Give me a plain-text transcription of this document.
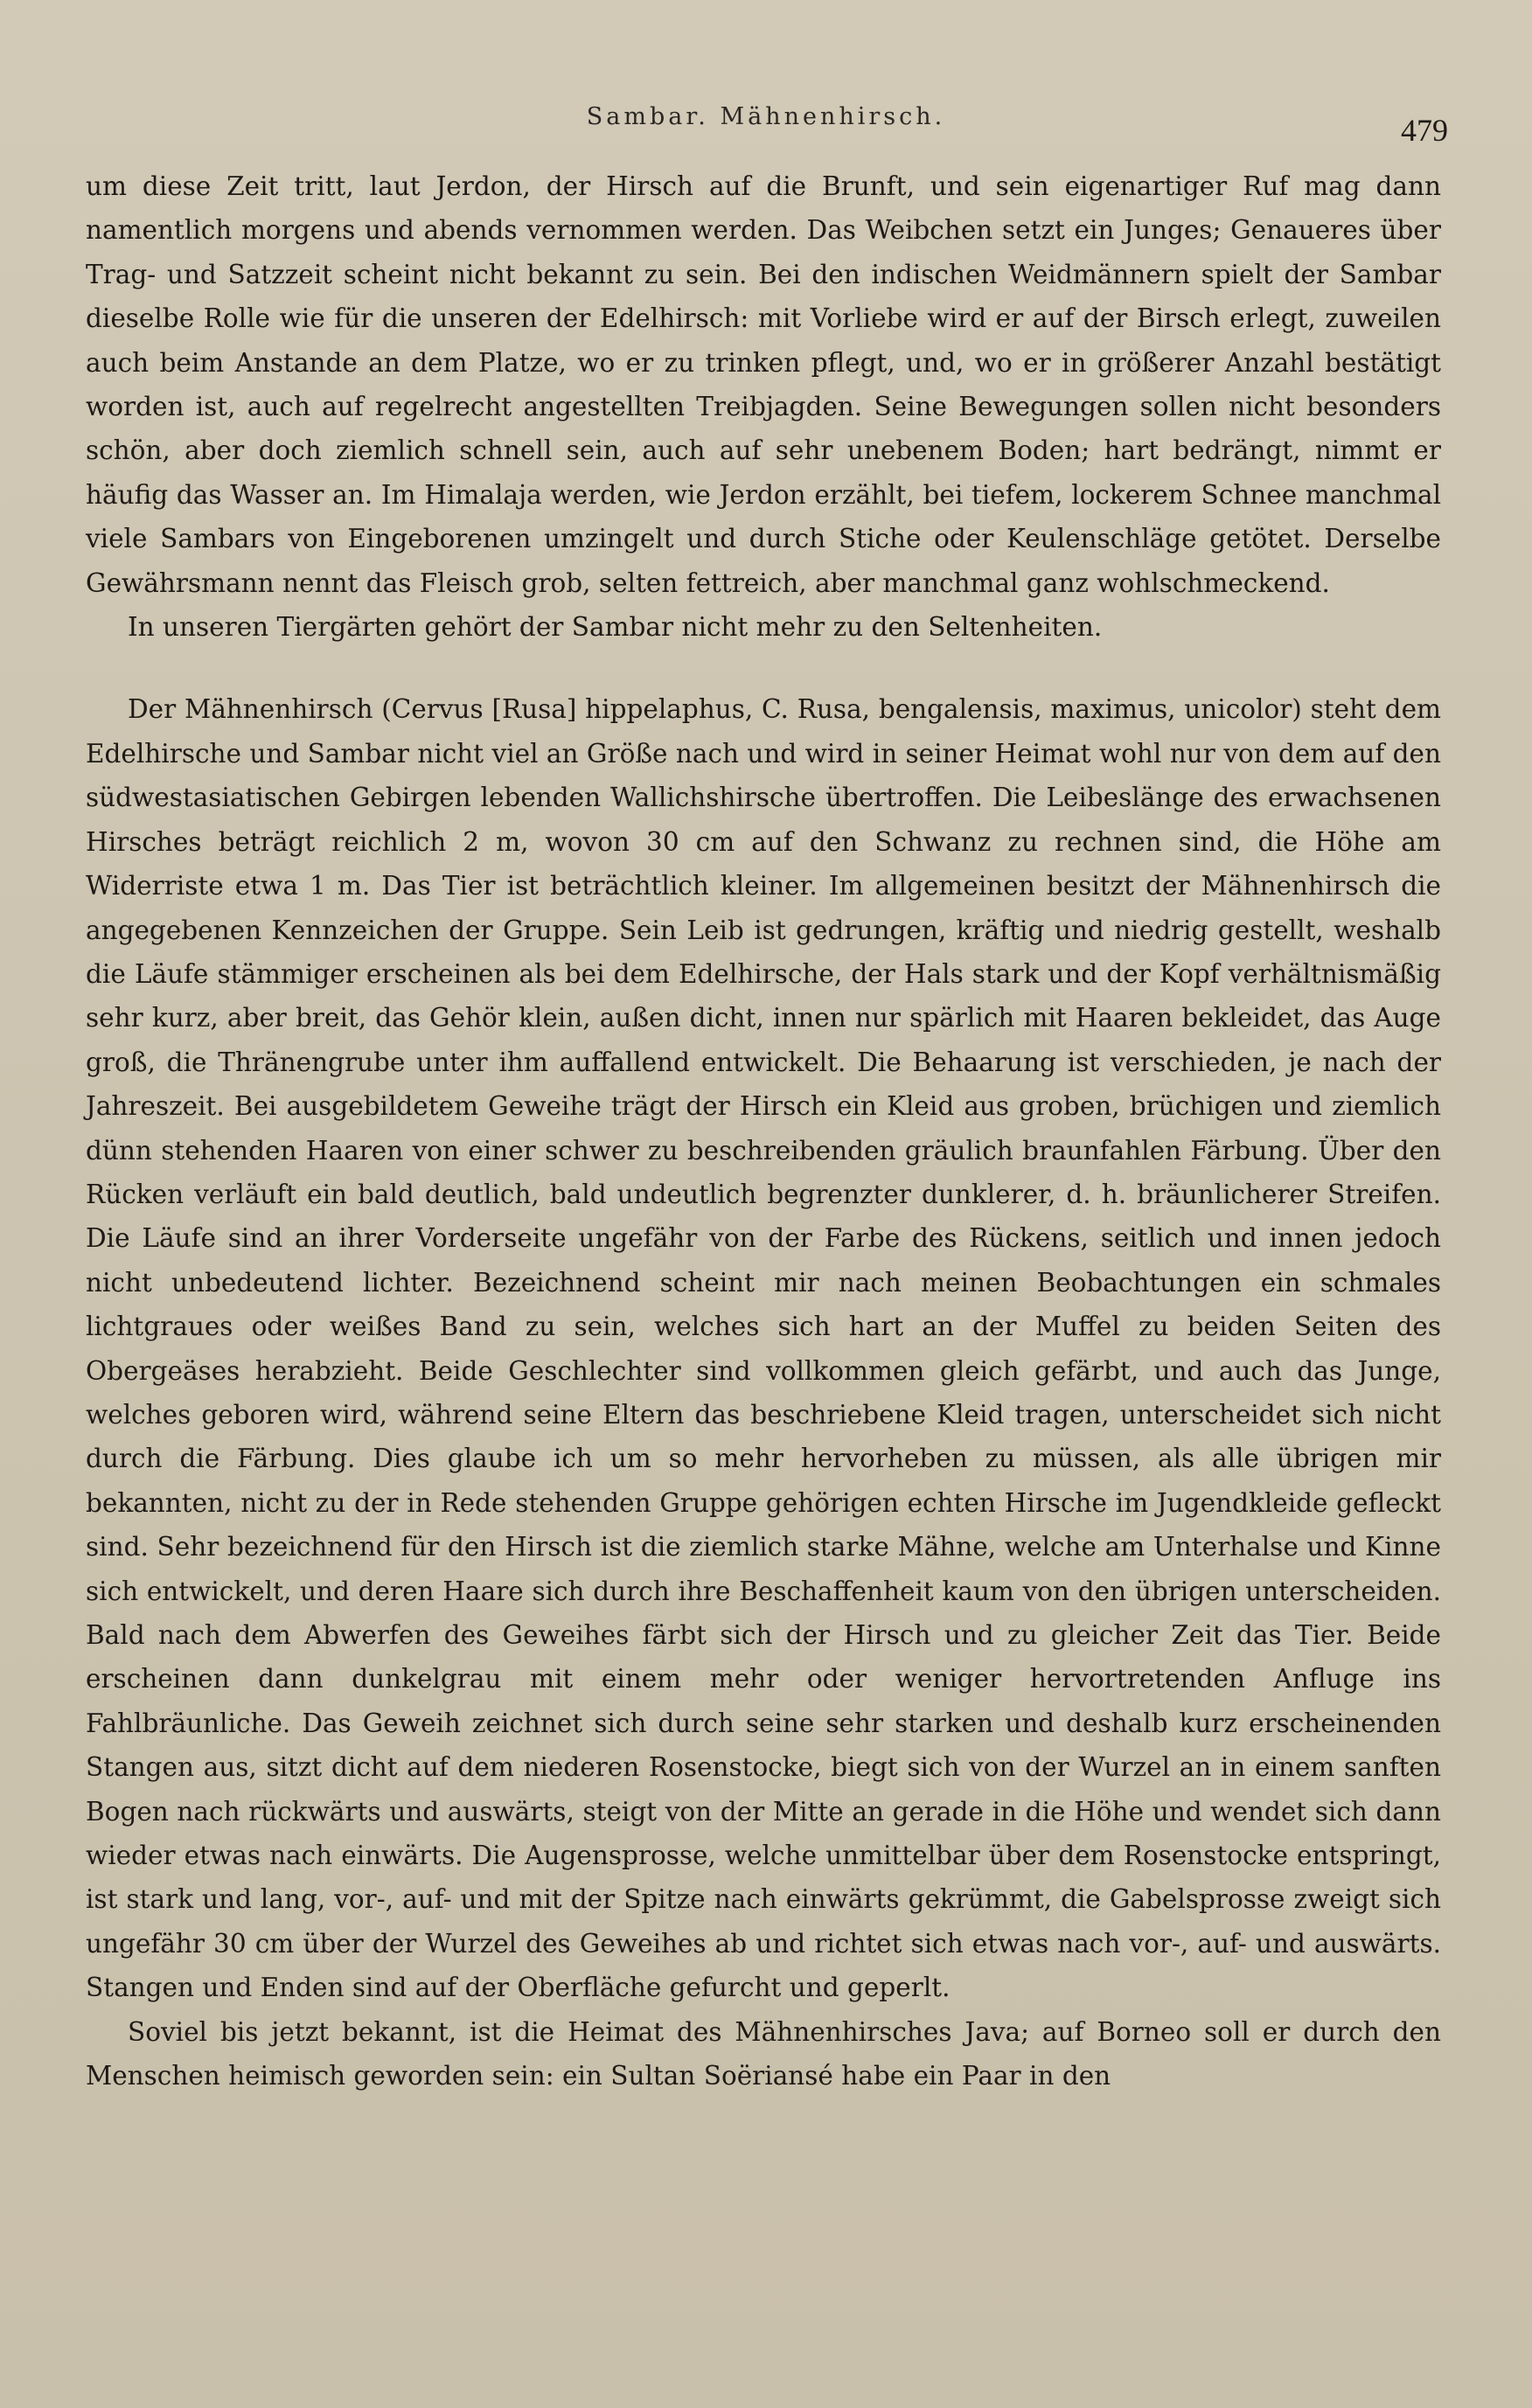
Sambar. Mähnenhirsch.	479

um diese Zeit tritt, laut Jerdon, der Hirsch auf die Brunft, und sein eigenartiger Ruf mag dann namentlich morgens und abends vernommen werden. Das Weibchen setzt ein Junges; Genaueres über Trag- und Satzzeit scheint nicht bekannt zu sein. Bei den indischen Weidmännern spielt der Sambar dieselbe Rolle wie für die unseren der Edelhirsch: mit Vorliebe wird er auf der Birsch erlegt, zuweilen auch beim Anstande an dem Platze, wo er zu trinken pflegt, und, wo er in größerer Anzahl bestätigt worden ist, auch auf regelrecht angestellten Treibjagden. Seine Bewegungen sollen nicht besonders schön, aber doch ziemlich schnell sein, auch auf sehr unebenem Boden; hart bedrängt, nimmt er häufig das Wasser an. Im Himalaja werden, wie Jerdon erzählt, bei tiefem, lockerem Schnee manchmal viele Sambars von Eingeborenen umzingelt und durch Stiche oder Keulenschläge getötet. Derselbe Gewährsmann nennt das Fleisch grob, selten fettreich, aber manchmal ganz wohlschmeckend.

In unseren Tiergärten gehört der Sambar nicht mehr zu den Seltenheiten.

Der Mähnenhirsch (Cervus [Rusa] hippelaphus, C. Rusa, bengalensis, maximus, unicolor) steht dem Edelhirsche und Sambar nicht viel an Größe nach und wird in seiner Heimat wohl nur von dem auf den südwestasiatischen Gebirgen lebenden Wallichshirsche übertroffen. Die Leibeslänge des erwachsenen Hirsches beträgt reichlich 2 m, wovon 30 cm auf den Schwanz zu rechnen sind, die Höhe am Widerriste etwa 1 m. Das Tier ist beträchtlich kleiner. Im allgemeinen besitzt der Mähnenhirsch die angegebenen Kennzeichen der Gruppe. Sein Leib ist gedrungen, kräftig und niedrig gestellt, weshalb die Läufe stämmiger erscheinen als bei dem Edelhirsche, der Hals stark und der Kopf verhältnismäßig sehr kurz, aber breit, das Gehör klein, außen dicht, innen nur spärlich mit Haaren bekleidet, das Auge groß, die Thränengrube unter ihm auffallend entwickelt. Die Behaarung ist verschieden, je nach der Jahreszeit. Bei ausgebildetem Geweihe trägt der Hirsch ein Kleid aus groben, brüchigen und ziemlich dünn stehenden Haaren von einer schwer zu beschreibenden gräulich braunfahlen Färbung. Über den Rücken verläuft ein bald deutlich, bald undeutlich begrenzter dunklerer, d. h. bräunlicherer Streifen. Die Läufe sind an ihrer Vorderseite ungefähr von der Farbe des Rückens, seitlich und innen jedoch nicht unbedeutend lichter. Bezeichnend scheint mir nach meinen Beobachtungen ein schmales lichtgraues oder weißes Band zu sein, welches sich hart an der Muffel zu beiden Seiten des Obergeäses herabzieht. Beide Geschlechter sind vollkommen gleich gefärbt, und auch das Junge, welches geboren wird, während seine Eltern das beschriebene Kleid tragen, unterscheidet sich nicht durch die Färbung. Dies glaube ich um so mehr hervorheben zu müssen, als alle übrigen mir bekannten, nicht zu der in Rede stehenden Gruppe gehörigen echten Hirsche im Jugendkleide gefleckt sind. Sehr bezeichnend für den Hirsch ist die ziemlich starke Mähne, welche am Unterhalse und Kinne sich entwickelt, und deren Haare sich durch ihre Beschaffenheit kaum von den übrigen unterscheiden. Bald nach dem Abwerfen des Geweihes färbt sich der Hirsch und zu gleicher Zeit das Tier. Beide erscheinen dann dunkelgrau mit einem mehr oder weniger hervortretenden Anfluge ins Fahlbräunliche. Das Geweih zeichnet sich durch seine sehr starken und deshalb kurz erscheinenden Stangen aus, sitzt dicht auf dem niederen Rosenstocke, biegt sich von der Wurzel an in einem sanften Bogen nach rückwärts und auswärts, steigt von der Mitte an gerade in die Höhe und wendet sich dann wieder etwas nach einwärts. Die Augensprosse, welche unmittelbar über dem Rosenstocke entspringt, ist stark und lang, vor-, auf- und mit der Spitze nach einwärts gekrümmt, die Gabelsprosse zweigt sich ungefähr 30 cm über der Wurzel des Geweihes ab und richtet sich etwas nach vor-, auf- und auswärts. Stangen und Enden sind auf der Oberfläche gefurcht und geperlt.

Soviel bis jetzt bekannt, ist die Heimat des Mähnenhirsches Java; auf Borneo soll er durch den Menschen heimisch geworden sein: ein Sultan Soëriansé habe ein Paar in den
